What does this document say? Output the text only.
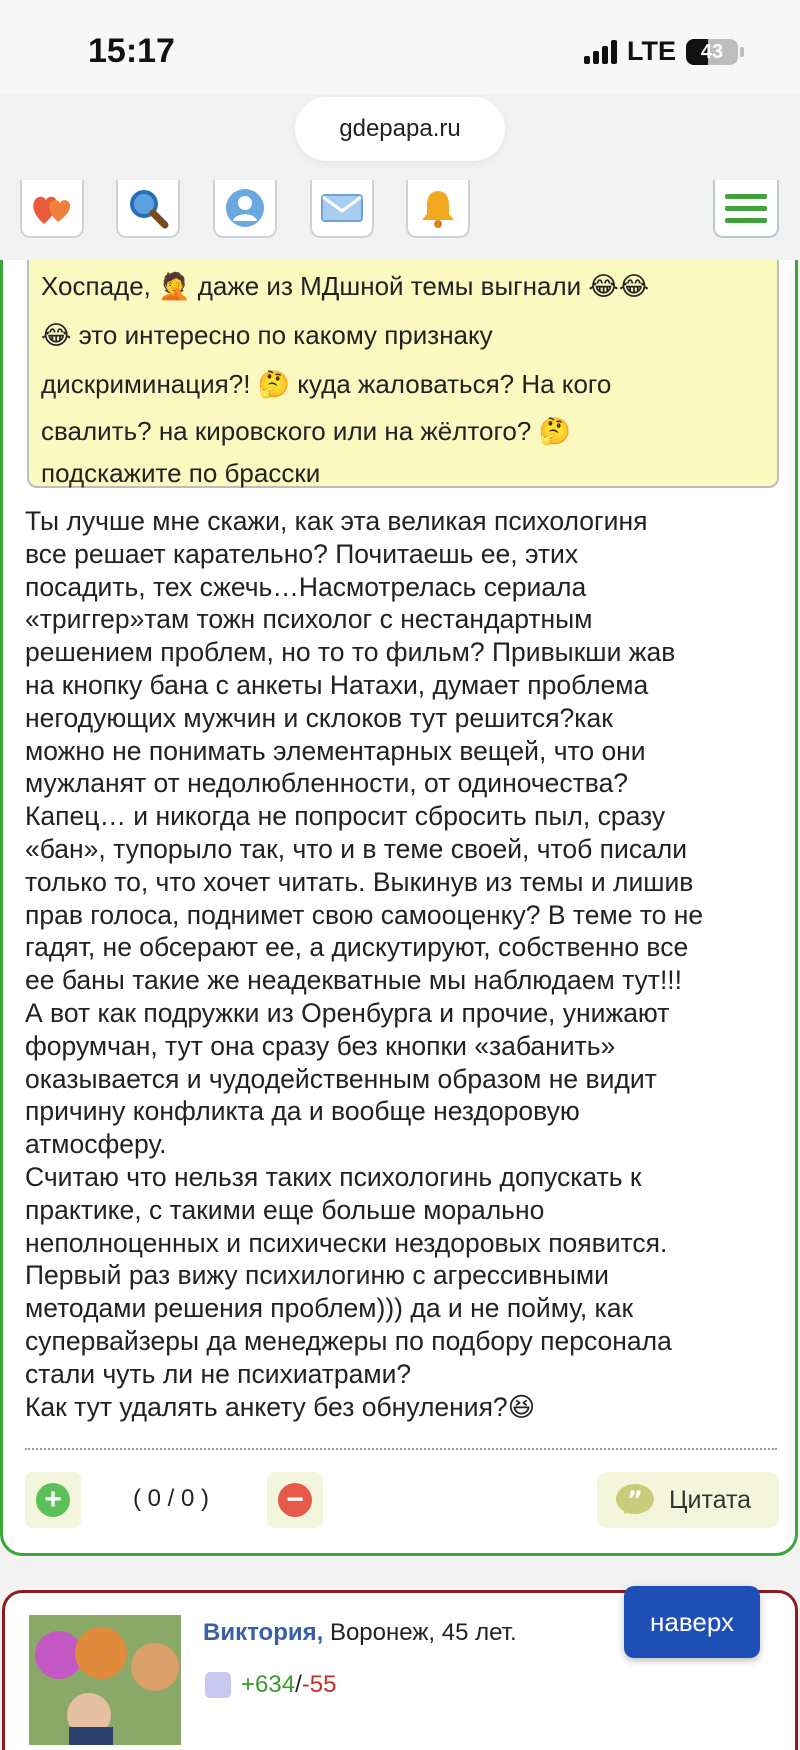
15:17	LTE	43
gdepapa.ru
Хоспаде, 🤦 даже из МДшной темы выгнали 😂😂
😂 это интересно по какому признаку
дискриминация?! 🤔 куда жаловаться? На кого
свалить? на кировского или на жёлтого? 🤔
подскажите по брасски
Ты лучше мне скажи, как эта великая психологиня
все решает карательно? Почитаешь ее, этих
посадить, тех сжечь…Насмотрелась сериала
«триггер»там тожн психолог с нестандартным
решением проблем, но то то фильм? Привыкши жав
на кнопку бана с анкеты Натахи, думает проблема
негодующих мужчин и склоков тут решится?как
можно не понимать элементарных вещей, что они
мужланят от недолюбленности, от одиночества?
Капец… и никогда не попросит сбросить пыл, сразу
«бан», тупорыло так, что и в теме своей, чтоб писали
только то, что хочет читать. Выкинув из темы и лишив
прав голоса, поднимет свою самооценку? В теме то не
гадят, не обсерают ее, а дискутируют, собственно все
ее баны такие же неадекватные мы наблюдаем тут!!!
А вот как подружки из Оренбурга и прочие, унижают
форумчан, тут она сразу без кнопки «забанить»
оказывается и чудодейственным образом не видит
причину конфликта да и вообще нездоровую
атмосферу.
Считаю что нельзя таких психологинь допускать к
практике, с такими еще больше морально
неполноценных и психически нездоровых появится.
Первый раз вижу психилогиню с агрессивными
методами решения проблем))) да и не пойму, как
супервайзеры да менеджеры по подбору персонала
стали чуть ли не психиатрами?
Как тут удалять анкету без обнуления?😆
+	( 0 / 0 )	−	” Цитата
Виктория, Воронеж, 45 лет.
+634 / -55
наверх
